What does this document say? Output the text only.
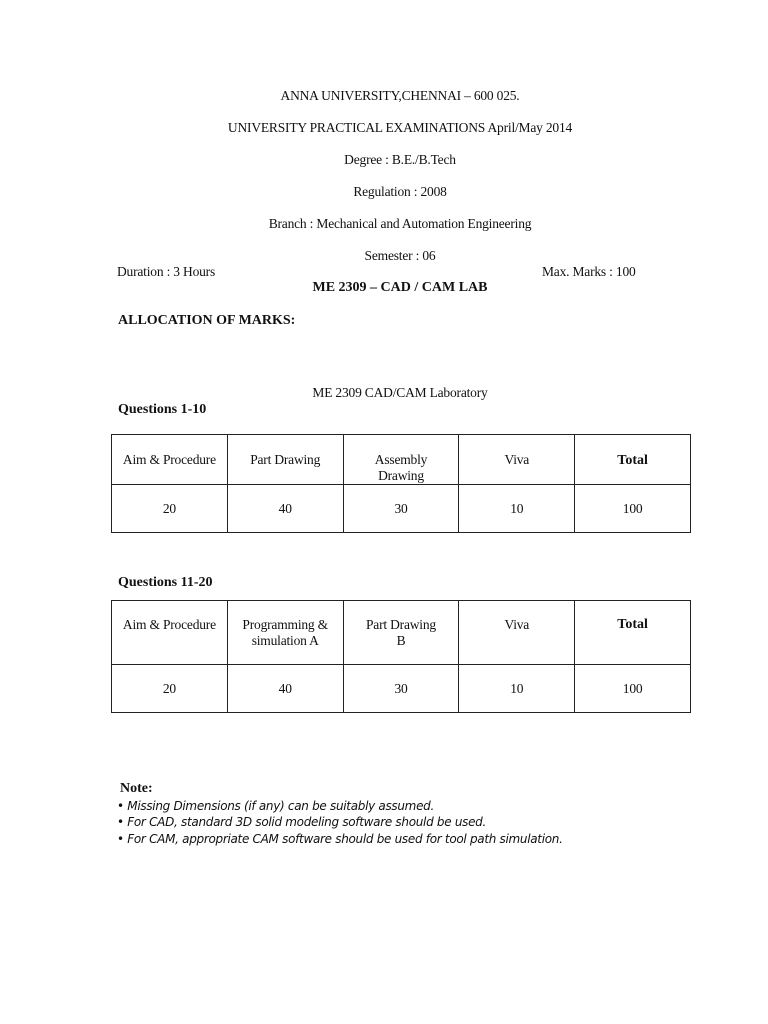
ANNA UNIVERSITY,CHENNAI – 600 025.
UNIVERSITY PRACTICAL EXAMINATIONS April/May 2014
Degree : B.E./B.Tech
Regulation : 2008
Branch : Mechanical and Automation Engineering
Semester : 06
Duration : 3 Hours	Max. Marks : 100
ME 2309 – CAD / CAM LAB
ALLOCATION OF MARKS:
ME 2309 CAD/CAM Laboratory
Questions 1-10
Aim & Procedure	Part Drawing	Assembly Drawing	Viva	Total
20	40	30	10	100
Questions 11-20
Aim & Procedure	Programming & simulation A	Part Drawing B	Viva	Total
20	40	30	10	100
Note:
• Missing Dimensions (if any) can be suitably assumed.
• For CAD, standard 3D solid modeling software should be used.
• For CAM, appropriate CAM software should be used for tool path simulation.
